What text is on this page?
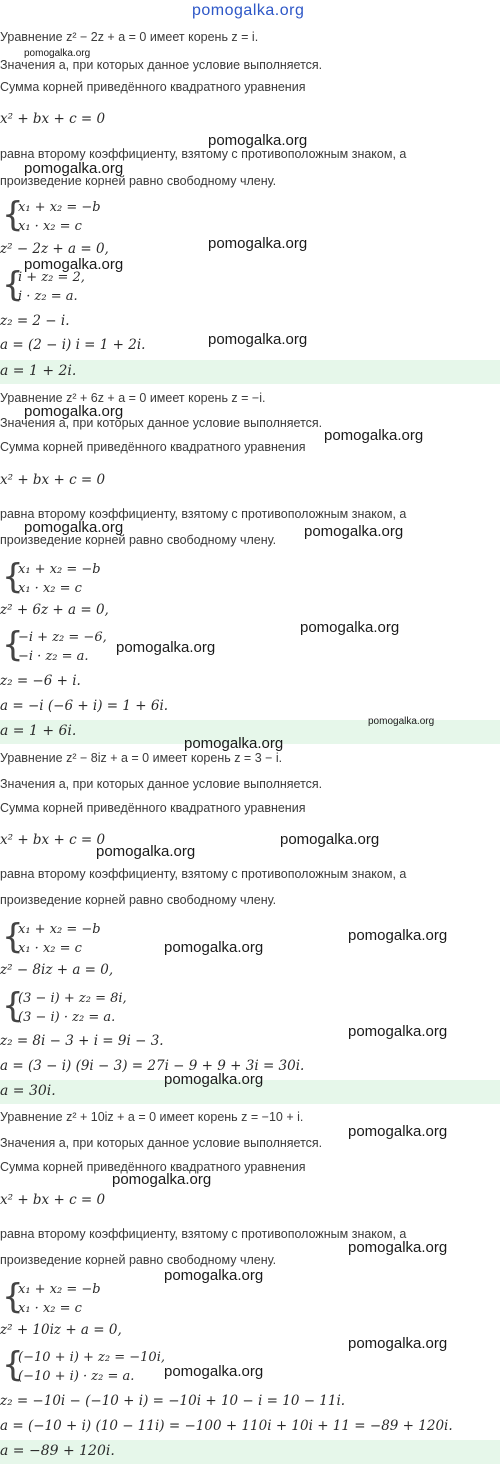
pomogalka.org
Уравнение z² − 2z + a = 0 имеет корень z = i.
Значения a, при которых данное условие выполняется.
Сумма корней приведённого квадратного уравнения
x² + bx + c = 0
равна второму коэффициенту, взятому с противоположным знаком, а
произведение корней равно свободному члену.
{
x₁ + x₂ = −b
x₁ · x₂ = c
z² − 2z + a = 0,
{
i + z₂ = 2,
i · z₂ = a.
z₂ = 2 − i.
a = (2 − i) i = 1 + 2i.
a = 1 + 2i.
Уравнение z² + 6z + a = 0 имеет корень z = −i.
Значения a, при которых данное условие выполняется.
Сумма корней приведённого квадратного уравнения
x² + bx + c = 0
равна второму коэффициенту, взятому с противоположным знаком, а
произведение корней равно свободному члену.
{
x₁ + x₂ = −b
x₁ · x₂ = c
z² + 6z + a = 0,
{
−i + z₂ = −6,
−i · z₂ = a.
z₂ = −6 + i.
a = −i (−6 + i) = 1 + 6i.
a = 1 + 6i.
Уравнение z² − 8iz + a = 0 имеет корень z = 3 − i.
Значения a, при которых данное условие выполняется.
Сумма корней приведённого квадратного уравнения
x² + bx + c = 0
равна второму коэффициенту, взятому с противоположным знаком, а
произведение корней равно свободному члену.
{
x₁ + x₂ = −b
x₁ · x₂ = c
z² − 8iz + a = 0,
{
(3 − i) + z₂ = 8i,
(3 − i) · z₂ = a.
z₂ = 8i − 3 + i = 9i − 3.
a = (3 − i) (9i − 3) = 27i − 9 + 9 + 3i = 30i.
a = 30i.
Уравнение z² + 10iz + a = 0 имеет корень z = −10 + i.
Значения a, при которых данное условие выполняется.
Сумма корней приведённого квадратного уравнения
x² + bx + c = 0
равна второму коэффициенту, взятому с противоположным знаком, а
произведение корней равно свободному члену.
{
x₁ + x₂ = −b
x₁ · x₂ = c
z² + 10iz + a = 0,
{
(−10 + i) + z₂ = −10i,
(−10 + i) · z₂ = a.
z₂ = −10i − (−10 + i) = −10i + 10 − i = 10 − 11i.
a = (−10 + i) (10 − 11i) = −100 + 110i + 10i + 11 = −89 + 120i.
a = −89 + 120i.
pomogalka.org
pomogalka.org
pomogalka.org
pomogalka.org
pomogalka.org
pomogalka.org
pomogalka.org
pomogalka.org
pomogalka.org	pomogalka.org
pomogalka.org
pomogalka.org
pomogalka.org
pomogalka.org
pomogalka.org
pomogalka.org
pomogalka.org
pomogalka.org
pomogalka.org
pomogalka.org
pomogalka.org
pomogalka.org
pomogalka.org
pomogalka.org
pomogalka.org
pomogalka.org
